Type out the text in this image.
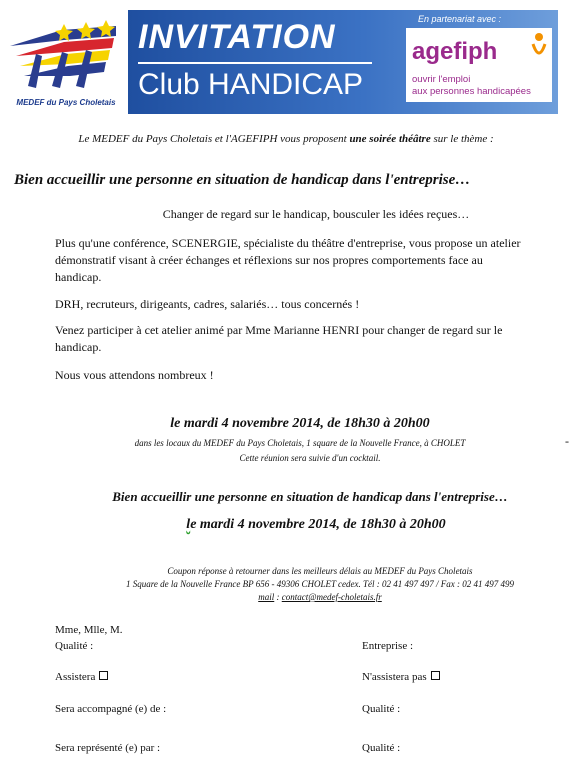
MEDEF du Pays Choletais
INVITATION
Club HANDICAP
En partenariat avec :
agefiph
ouvrir l'emploi
aux personnes handicapées
Le MEDEF du Pays Choletais et l'AGEFIPH vous proposent une soirée théâtre sur le thème :
Bien accueillir une personne en situation de handicap dans l'entreprise…
Changer de regard sur le handicap, bousculer les idées reçues…
Plus qu'une conférence, SCENERGIE, spécialiste du théâtre d'entreprise, vous propose un atelier démonstratif visant à créer échanges et réflexions sur nos propres comportements face au handicap.
DRH, recruteurs, dirigeants, cadres, salariés… tous concernés !
Venez participer à cet atelier animé par Mme Marianne HENRI pour changer de regard sur le handicap.
Nous vous attendons nombreux !
le mardi 4 novembre 2014, de 18h30 à 20h00
dans les locaux du MEDEF du Pays Choletais, 1 square de la Nouvelle France, à CHOLET
Cette réunion sera suivie d'un cocktail.
-
Bien accueillir une personne en situation de handicap dans l'entreprise…
le mardi 4 novembre 2014, de 18h30 à 20h00
Coupon réponse à retourner dans les meilleurs délais au MEDEF du Pays Choletais
1 Square de la Nouvelle France BP 656 - 49306 CHOLET cedex. Tél : 02 41 497 497 / Fax : 02 41 497 499
mail : contact@medef-choletais.fr
Mme, Mlle, M.
Qualité :	Entreprise :
Assistera	N'assistera pas
Sera accompagné (e) de :	Qualité :
Sera représenté (e) par :	Qualité :
